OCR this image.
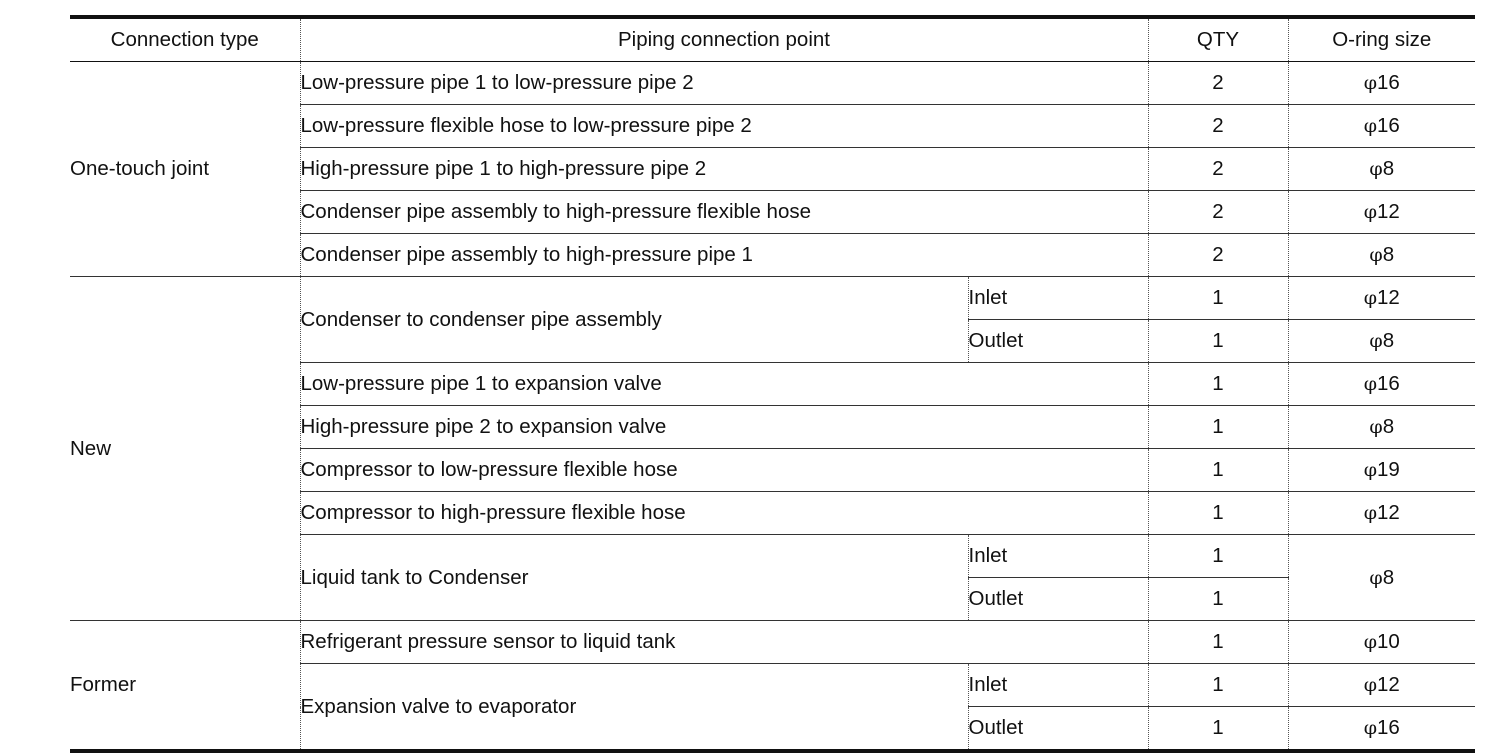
Connection type	Piping connection point		QTY	O-ring size
One-touch joint	Low-pressure pipe 1 to low-pressure pipe 2		2	φ16
	Low-pressure flexible hose to low-pressure pipe 2		2	φ16
	High-pressure pipe 1 to high-pressure pipe 2		2	φ8
	Condenser pipe assembly to high-pressure flexible hose		2	φ12
	Condenser pipe assembly to high-pressure pipe 1		2	φ8
New	Condenser to condenser pipe assembly	Inlet	1	φ12
		Outlet	1	φ8
	Low-pressure pipe 1 to expansion valve		1	φ16
	High-pressure pipe 2 to expansion valve		1	φ8
	Compressor to low-pressure flexible hose		1	φ19
	Compressor to high-pressure flexible hose		1	φ12
	Liquid tank to Condenser	Inlet	1	φ8
		Outlet	1	
Former	Refrigerant pressure sensor to liquid tank		1	φ10
	Expansion valve to evaporator	Inlet	1	φ12
		Outlet	1	φ16
